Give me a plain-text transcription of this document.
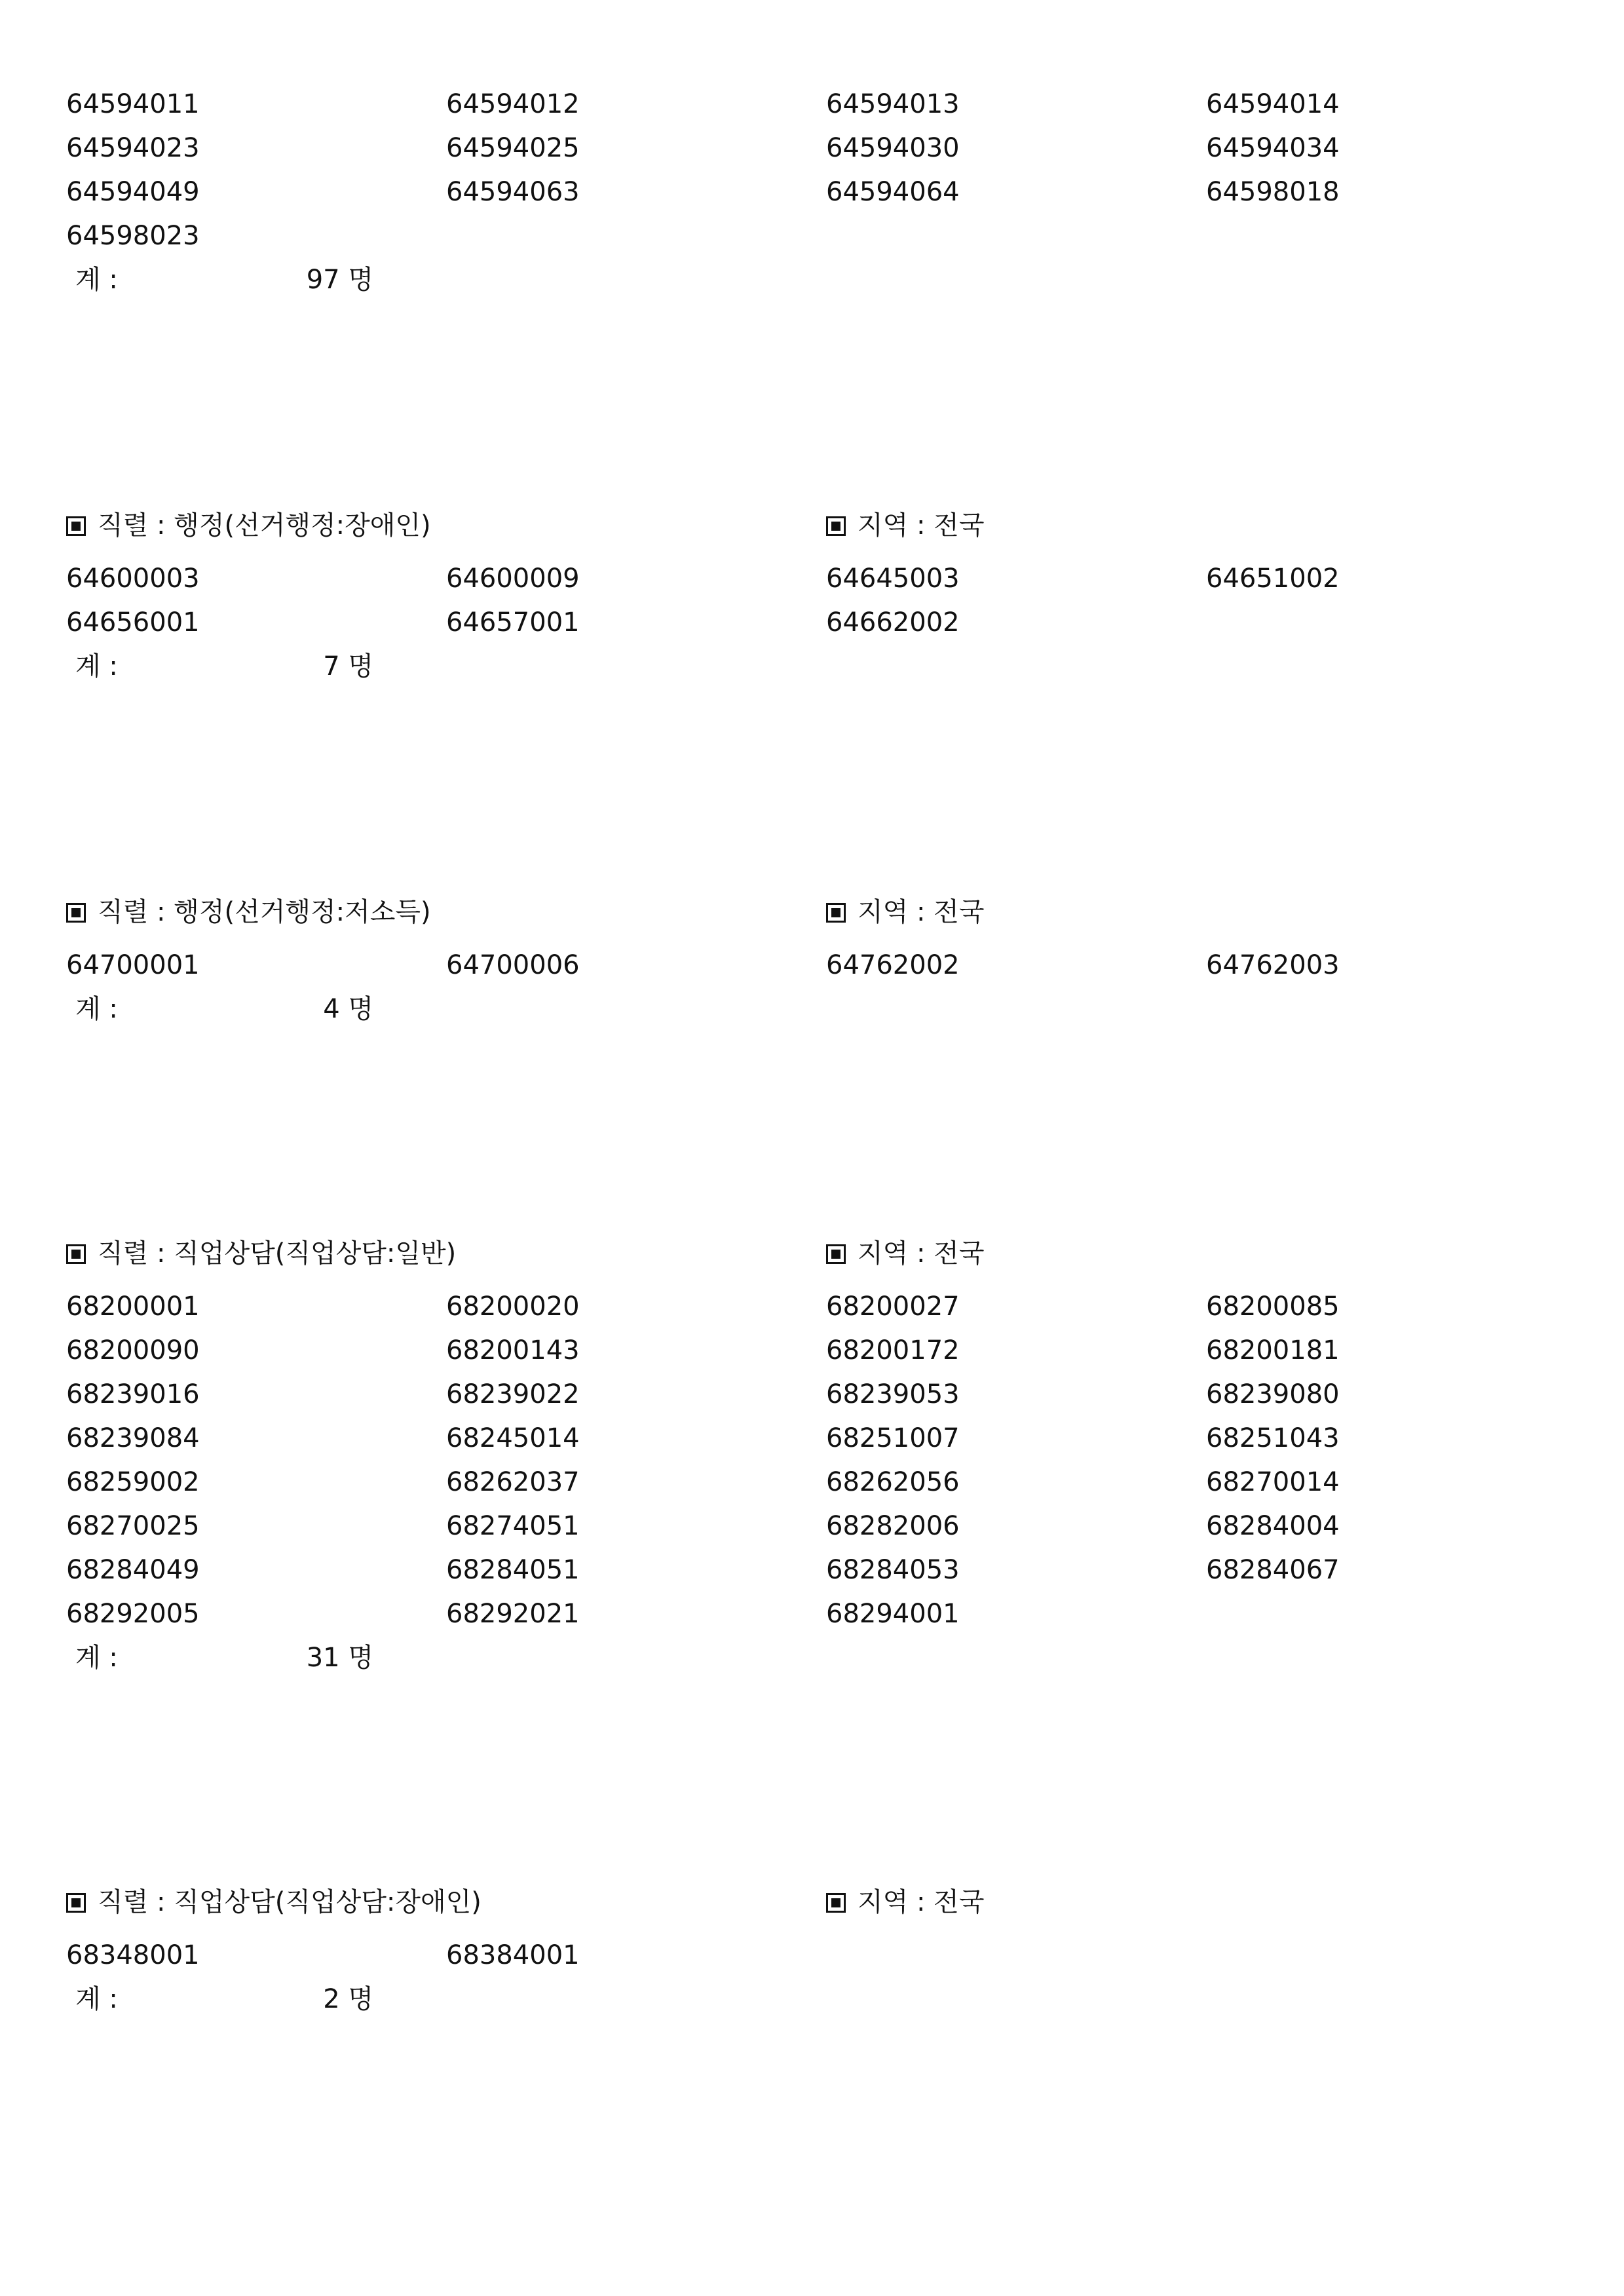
64594011	64594012	64594013	64594014
64594023	64594025	64594030	64594034
64594049	64594063	64594064	64598018
64598023
계 :	97 명
직렬 : 행정(선거행정:장애인)	지역 : 전국
64600003	64600009	64645003	64651002
64656001	64657001	64662002
계 :	7 명
직렬 : 행정(선거행정:저소득)	지역 : 전국
64700001	64700006	64762002	64762003
계 :	4 명
직렬 : 직업상담(직업상담:일반)	지역 : 전국
68200001	68200020	68200027	68200085
68200090	68200143	68200172	68200181
68239016	68239022	68239053	68239080
68239084	68245014	68251007	68251043
68259002	68262037	68262056	68270014
68270025	68274051	68282006	68284004
68284049	68284051	68284053	68284067
68292005	68292021	68294001
계 :	31 명
직렬 : 직업상담(직업상담:장애인)	지역 : 전국
68348001	68384001
계 :	2 명
